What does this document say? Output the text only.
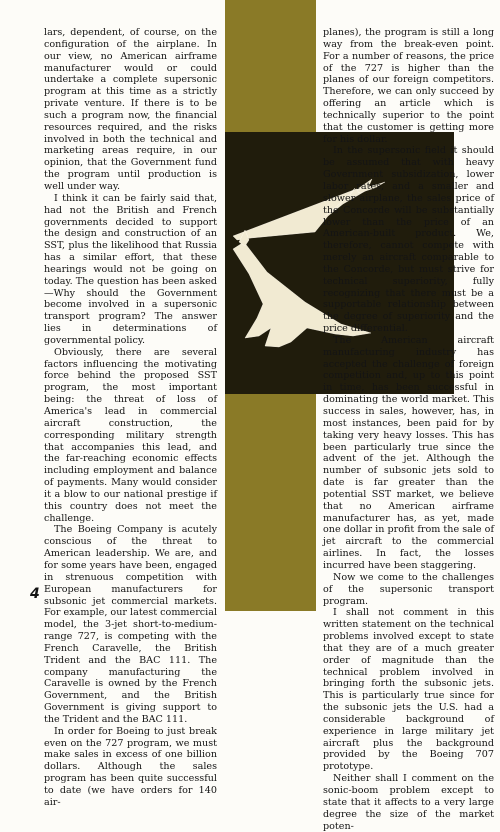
lars, dependent, of course, on the configuration of the airplane. In our view, no American airframe manufacturer would or could undertake a complete supersonic program at this time as a strictly private venture. If there is to be such a program now, the financial resources required, and the risks involved in both the technical and marketing areas require, in our opinion, that the Government fund the program until production is well under way.

I think it can be fairly said that, had not the British and French governments decided to support the design and construction of an SST, plus the likelihood that Russia has a similar effort, that these hearings would not be going on today. The question has been asked—Why should the Government become involved in a supersonic transport program? The answer lies in determinations of governmental policy.

Obviously, there are several factors influencing the motivating force behind the proposed SST program, the most important being: the threat of loss of America's lead in commercial aircraft construction, the corresponding military strength that accompanies this lead, and the far-reaching economic effects including employment and balance of payments. Many would consider it a blow to our national prestige if this country does not meet the challenge.

The Boeing Company is acutely conscious of the threat to American leadership. We are, and for some years have been, engaged in strenuous competition with European manufacturers for subsonic jet commercial markets. For example, our latest commercial model, the 3-jet short-to-medium-range 727, is competing with the French Caravelle, the British Trident and the BAC 111. The company manufacturing the Caravelle is owned by the French Government, and the British Government is giving support to the Trident and the BAC 111.

In order for Boeing to just break even on the 727 program, we must make sales in excess of one billion dollars. Although the sales program has been quite successful to date (we have orders for 140 air-

planes), the program is still a long way from the break-even point. For a number of reasons, the price of the 727 is higher than the planes of our foreign competitors. Therefore, we can only succeed by offering an article which is technically superior to the point that the customer is getting more for his dollar.

In the supersonic field it should be assumed that with heavy Government subsidization, lower labor rates, and a smaller and slower airplane, the sales price of the Concorde will be substantially lower than the price of an American-built product. We, therefore, cannot compete with merely an aircraft comparable to the Concorde, but must strive for technical superiority, fully recognizing that there must be a supportable relationship between the degree of superiority and the price differential.

The American aircraft manufacturing industry has accepted the challenge of foreign competition and, up to this point in time, has been successful in dominating the world market. This success in sales, however, has, in most instances, been paid for by taking very heavy losses. This has been particularly true since the advent of the jet. Although the number of subsonic jets sold to date is far greater than the potential SST market, we believe that no American airframe manufacturer has, as yet, made one dollar in profit from the sale of jet aircraft to the commercial airlines. In fact, the losses incurred have been staggering.

Now we come to the challenges of the supersonic transport program.

I shall not comment in this written statement on the technical problems involved except to state that they are of a much greater order of magnitude than the technical problem involved in bringing forth the subsonic jets. This is particularly true since for the subsonic jets the U.S. had a considerable background of experience in large military jet aircraft plus the background provided by the Boeing 707 prototype.

Neither shall I comment on the sonic-boom problem except to state that it affects to a very large degree the size of the market poten-

4
